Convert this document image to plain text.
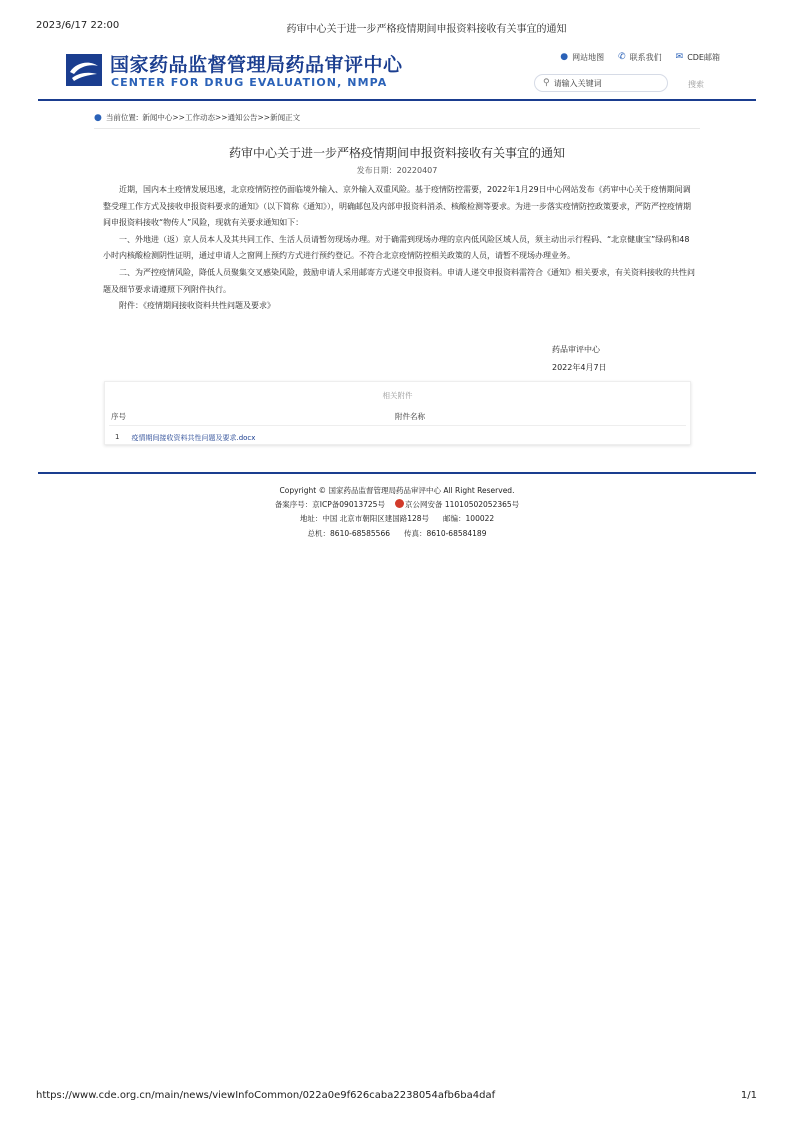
2023/6/17 22:00	药审中心关于进一步严格疫情期间申报资料接收有关事宜的通知
国家药品监督管理局药品审评中心
CENTER FOR DRUG EVALUATION, NMPA
● 网站地图 ✆ 联系我们 ✉ CDE邮箱
⚲ 请输入关键词	搜索
● 当前位置: 新闻中心>>工作动态>>通知公告>>新闻正文
药审中心关于进一步严格疫情期间申报资料接收有关事宜的通知
发布日期：20220407

近期，国内本土疫情发展迅速，北京疫情防控仍面临境外输入、京外输入双重风险。基于疫情防控需要，2022年1月29日中心网站发布《药审中心关于疫情期间调整受理工作方式及接收申报资料要求的通知》（以下简称《通知》），明确邮包及内部申报资料消杀、核酸检测等要求。为进一步落实疫情防控政策要求，严防严控疫情期间申报资料接收“物传人”风险，现就有关要求通知如下：

一、外地进（返）京人员本人及其共同工作、生活人员请暂勿现场办理。对于确需到现场办理的京内低风险区域人员，须主动出示行程码、“北京健康宝”绿码和48小时内核酸检测阴性证明，通过申请人之窗网上预约方式进行预约登记。不符合北京疫情防控相关政策的人员，请暂不现场办理业务。

二、为严控疫情风险，降低人员聚集交叉感染风险，鼓励申请人采用邮寄方式递交申报资料。申请人递交申报资料需符合《通知》相关要求，有关资料接收的共性问题及细节要求请遵照下列附件执行。

附件：《疫情期间接收资料共性问题及要求》

药品审评中心
2022年4月7日
相关附件
序号	附件名称
1 疫情期间接收资料共性问题及要求.docx
Copyright © 国家药品监督管理局药品审评中心 All Right Reserved.
备案序号：京ICP备09013725号	京公网安备 11010502052365号
地址：中国 北京市朝阳区建国路128号 邮编：100022
总机：8610-68585566 传真：8610-68584189
https://www.cde.org.cn/main/news/viewInfoCommon/022a0e9f626caba2238054afb6ba4daf	1/1
